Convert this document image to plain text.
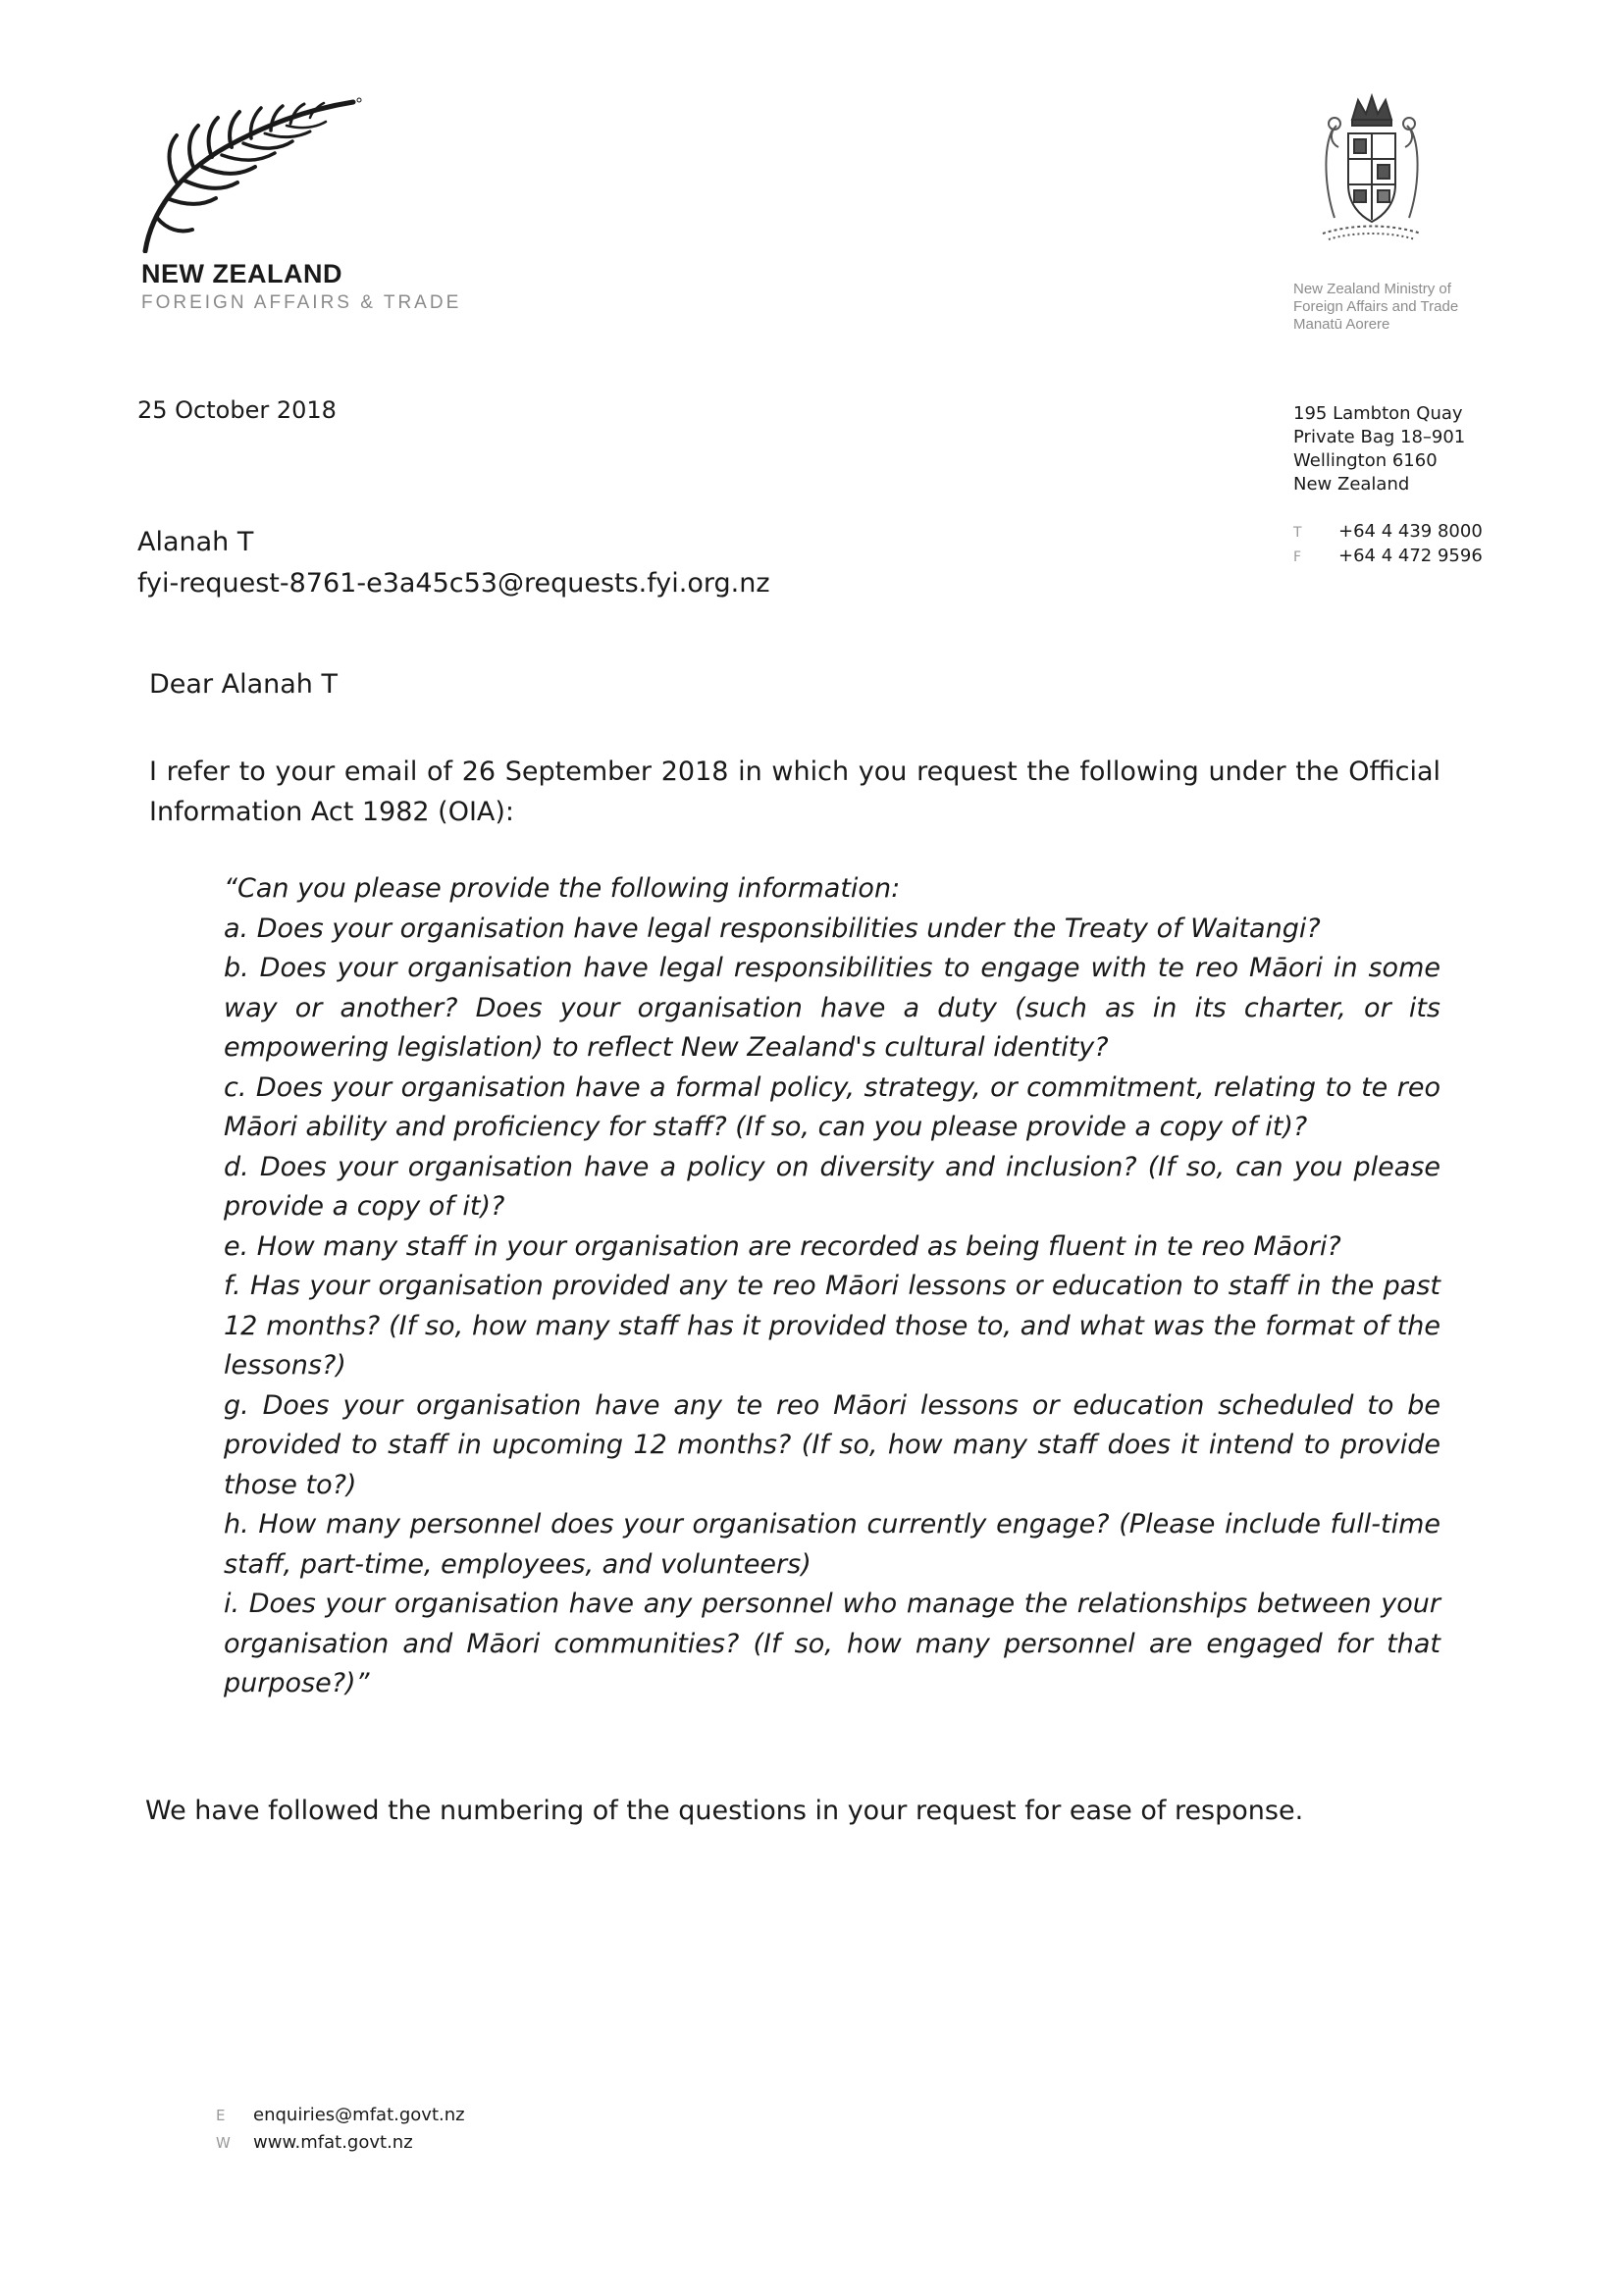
NEW ZEALAND
FOREIGN AFFAIRS & TRADE
New Zealand Ministry of
Foreign Affairs and Trade
Manatū Aorere
195 Lambton Quay
Private Bag 18–901
Wellington 6160
New Zealand
T +64 4 439 8000
F +64 4 472 9596
25 October 2018
Alanah T
fyi-request-8761-e3a45c53@requests.fyi.org.nz
Dear Alanah T
I refer to your email of 26 September 2018 in which you request the following under the Official Information Act 1982 (OIA):

“Can you please provide the following information:

a. Does your organisation have legal responsibilities under the Treaty of Waitangi?

b. Does your organisation have legal responsibilities to engage with te reo Māori in some way or another? Does your organisation have a duty (such as in its charter, or its empowering legislation) to reflect New Zealand's cultural identity?

c. Does your organisation have a formal policy, strategy, or commitment, relating to te reo Māori ability and proficiency for staff? (If so, can you please provide a copy of it)?

d. Does your organisation have a policy on diversity and inclusion? (If so, can you please provide a copy of it)?

e. How many staff in your organisation are recorded as being fluent in te reo Māori?

f. Has your organisation provided any te reo Māori lessons or education to staff in the past 12 months? (If so, how many staff has it provided those to, and what was the format of the lessons?)

g. Does your organisation have any te reo Māori lessons or education scheduled to be provided to staff in upcoming 12 months? (If so, how many staff does it intend to provide those to?)

h. How many personnel does your organisation currently engage? (Please include full-time staff, part-time, employees, and volunteers)

i. Does your organisation have any personnel who manage the relationships between your organisation and Māori communities? (If so, how many personnel are engaged for that purpose?)”

We have followed the numbering of the questions in your request for ease of response.
E enquiries@mfat.govt.nz
W www.mfat.govt.nz
